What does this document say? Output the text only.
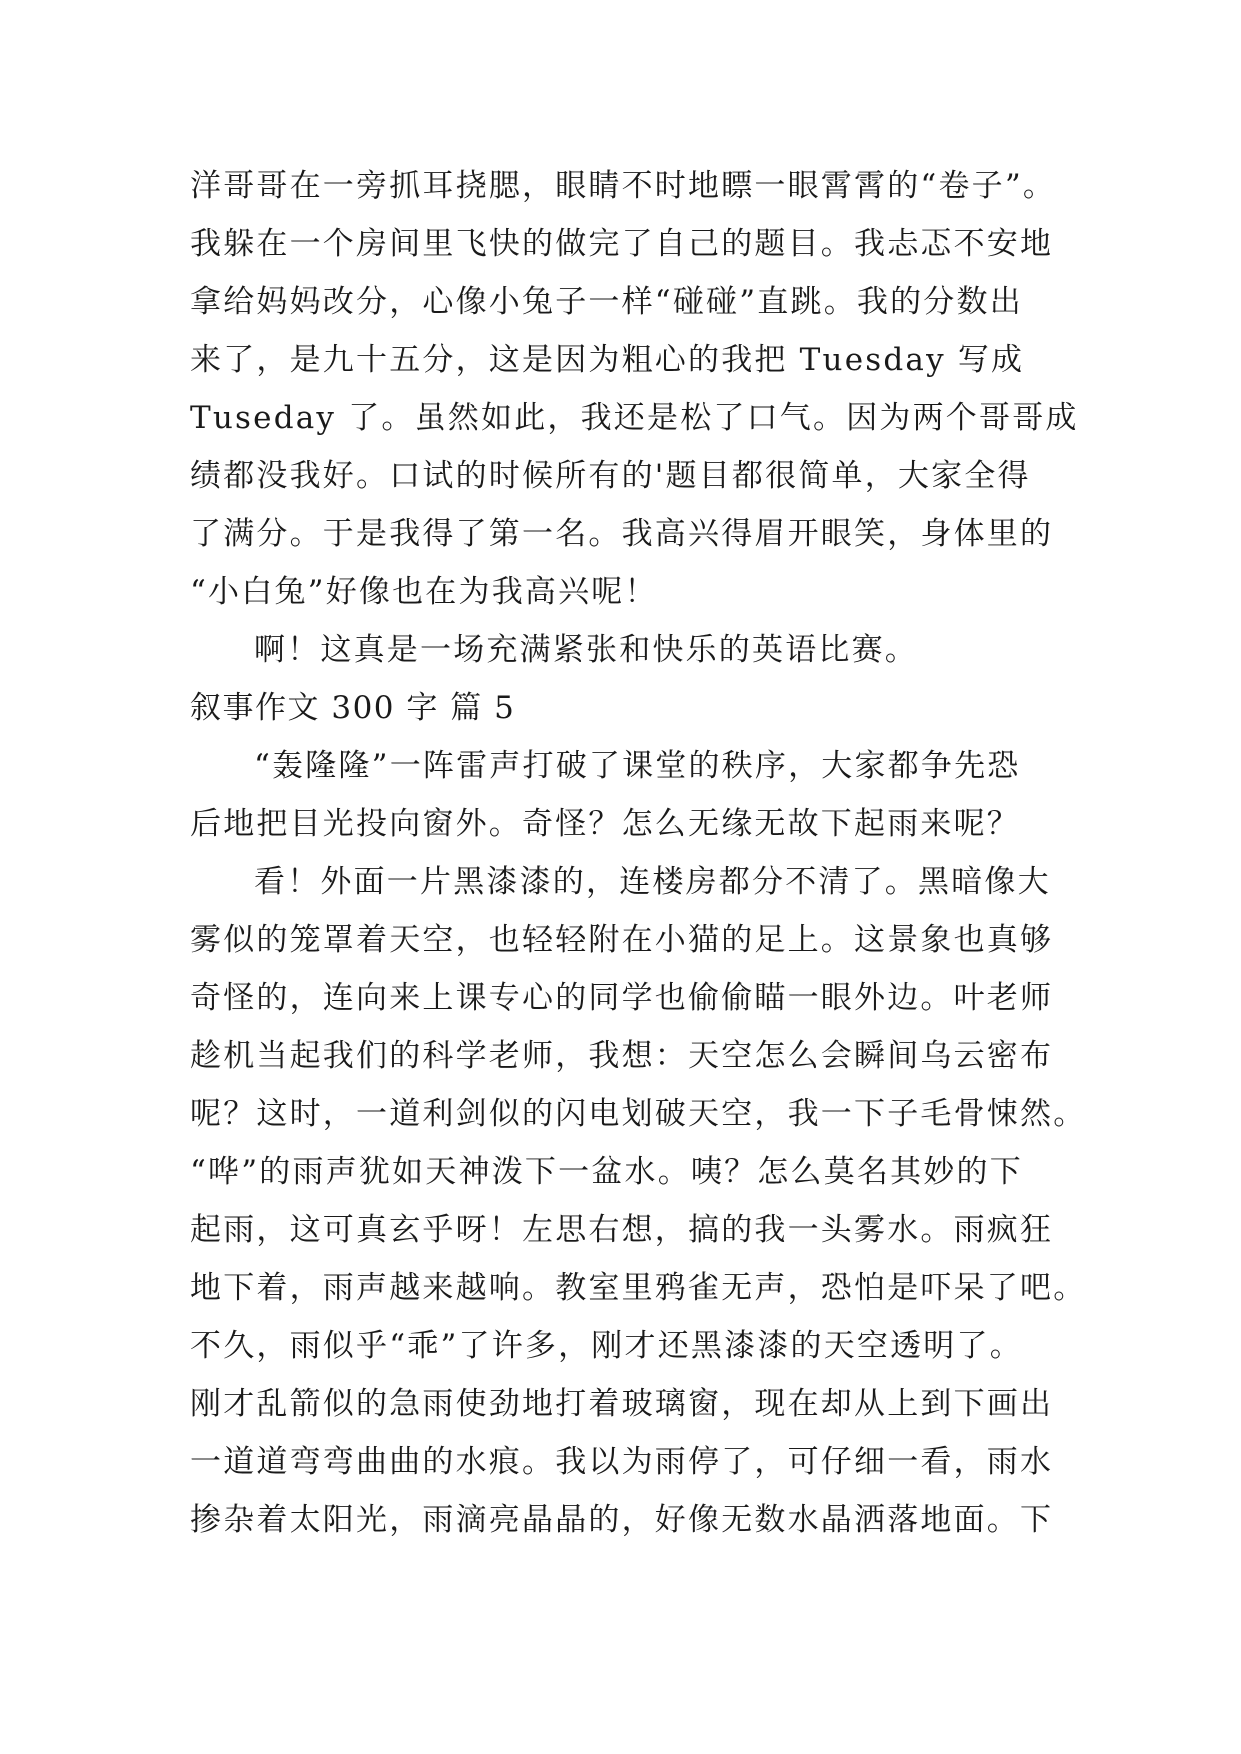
洋哥哥在一旁抓耳挠腮，眼睛不时地瞟一眼霄霄的“卷子”。
我躲在一个房间里飞快的做完了自己的题目。我忐忑不安地
拿给妈妈改分，心像小兔子一样“碰碰”直跳。我的分数出
来了，是九十五分，这是因为粗心的我把 Tuesday 写成
Tuseday 了。虽然如此，我还是松了口气。因为两个哥哥成
绩都没我好。口试的时候所有的'题目都很简单，大家全得
了满分。于是我得了第一名。我高兴得眉开眼笑，身体里的
“小白兔”好像也在为我高兴呢！
啊！这真是一场充满紧张和快乐的英语比赛。
叙事作文 300 字 篇 5
“轰隆隆”一阵雷声打破了课堂的秩序，大家都争先恐
后地把目光投向窗外。奇怪？怎么无缘无故下起雨来呢？
看！外面一片黑漆漆的，连楼房都分不清了。黑暗像大
雾似的笼罩着天空，也轻轻附在小猫的足上。这景象也真够
奇怪的，连向来上课专心的同学也偷偷瞄一眼外边。叶老师
趁机当起我们的科学老师，我想：天空怎么会瞬间乌云密布
呢？这时，一道利剑似的闪电划破天空，我一下子毛骨悚然。
“哗”的雨声犹如天神泼下一盆水。咦？怎么莫名其妙的下
起雨，这可真玄乎呀！左思右想，搞的我一头雾水。雨疯狂
地下着，雨声越来越响。教室里鸦雀无声，恐怕是吓呆了吧。
不久，雨似乎“乖”了许多，刚才还黑漆漆的天空透明了。
刚才乱箭似的急雨使劲地打着玻璃窗，现在却从上到下画出
一道道弯弯曲曲的水痕。我以为雨停了，可仔细一看，雨水
掺杂着太阳光，雨滴亮晶晶的，好像无数水晶洒落地面。下
